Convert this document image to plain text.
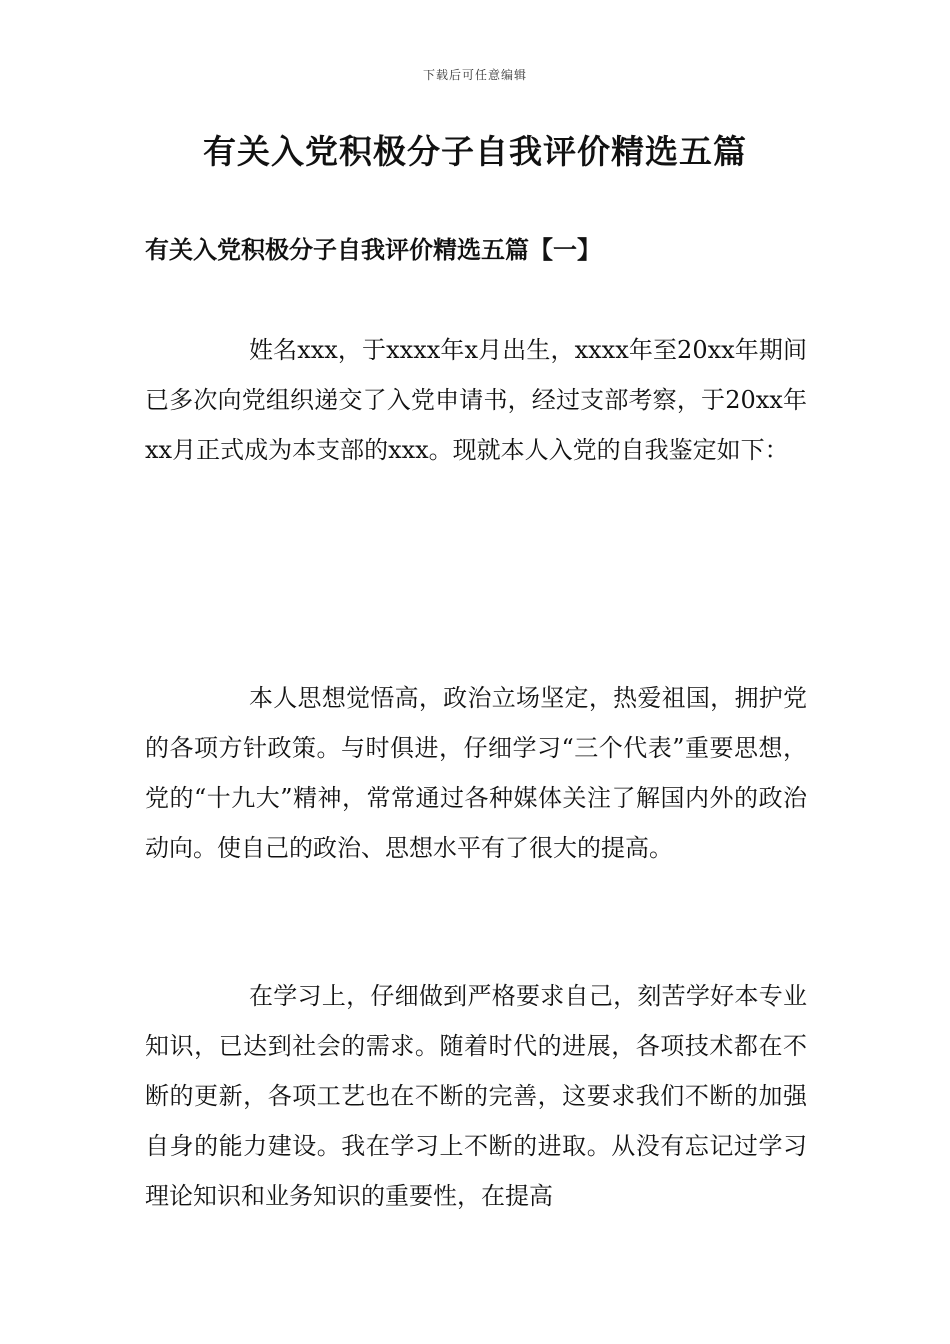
下载后可任意编辑
有关入党积极分子自我评价精选五篇
有关入党积极分子自我评价精选五篇【一】

姓名xxx，于xxxx年x月出生，xxxx年至20xx年期间已多次向党组织递交了入党申请书，经过支部考察，于20xx年xx月正式成为本支部的xxx。现就本人入党的自我鉴定如下：

本人思想觉悟高，政治立场坚定，热爱祖国，拥护党的各项方针政策。与时俱进，仔细学习“三个代表”重要思想，党的“十九大”精神，常常通过各种媒体关注了解国内外的政治动向。使自己的政治、思想水平有了很大的提高。

在学习上，仔细做到严格要求自己，刻苦学好本专业知识，已达到社会的需求。随着时代的进展，各项技术都在不断的更新，各项工艺也在不断的完善，这要求我们不断的加强自身的能力建设。我在学习上不断的进取。从没有忘记过学习理论知识和业务知识的重要性，在提高
